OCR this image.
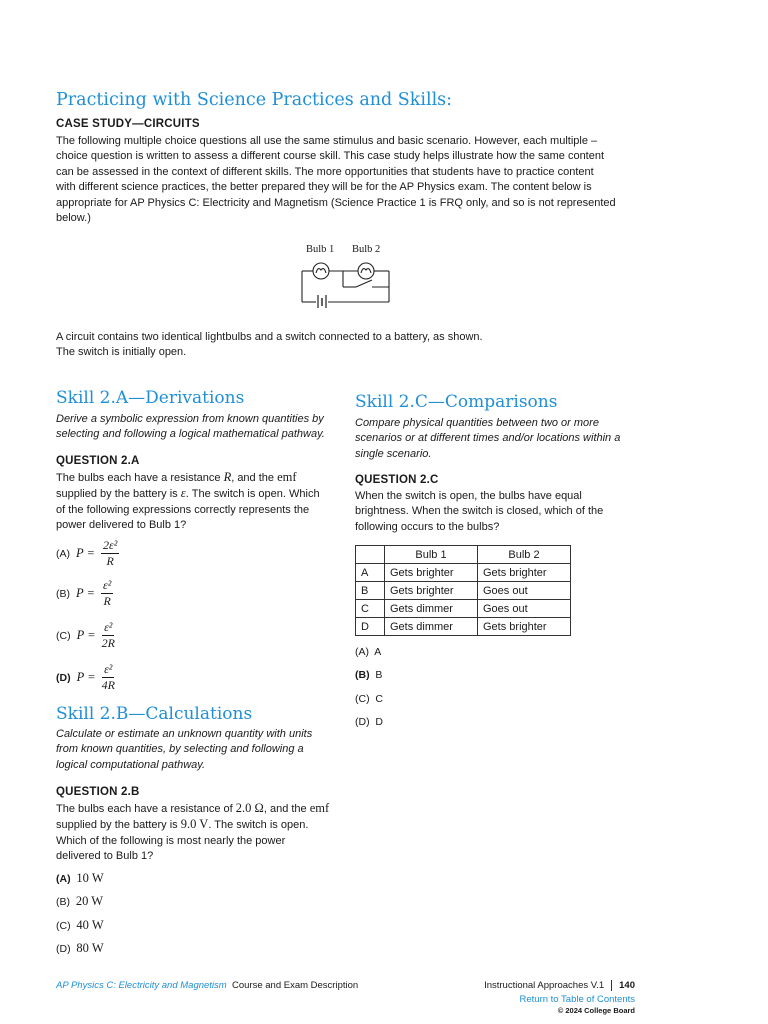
Practicing with Science Practices and Skills:
CASE STUDY—CIRCUITS
The following multiple choice questions all use the same stimulus and basic scenario. However, each multiple –
choice question is written to assess a different course skill. This case study helps illustrate how the same content
can be assessed in the context of different skills. The more opportunities that students have to practice content
with different science practices, the better prepared they will be for the AP Physics exam. The content below is
appropriate for AP Physics C: Electricity and Magnetism (Science Practice 1 is FRQ only, and so is not represented
below.)
Bulb 1 Bulb 2
A circuit contains two identical lightbulbs and a switch connected to a battery, as shown.
The switch is initially open.
Skill 2.A—Derivations
Derive a symbolic expression from known quantities by
selecting and following a logical mathematical pathway.
QUESTION 2.A
The bulbs each have a resistance R, and the emf
supplied by the battery is ε. The switch is open. Which
of the following expressions correctly represents the
power delivered to Bulb 1?
(A) $P = \frac{\text{2ε²}}{R}$
(B) $P = \frac{\text{ε²}}{R}$
(C) $P = \frac{\text{ε²}}{2R}$
(D) $P = \frac{\text{ε²}}{4R}$
Skill 2.B—Calculations
Calculate or estimate an unknown quantity with units
from known quantities, by selecting and following a
logical computational pathway.
QUESTION 2.B
The bulbs each have a resistance of 2.0 Ω, and the emf
supplied by the battery is 9.0 V. The switch is open.
Which of the following is most nearly the power
delivered to Bulb 1?
(A) 10 W
(B) 20 W
(C) 40 W
(D) 80 W
Skill 2.C—Comparisons
Compare physical quantities between two or more
scenarios or at different times and/or locations within a
single scenario.
QUESTION 2.C
When the switch is open, the bulbs have equal
brightness. When the switch is closed, which of the
following occurs to the bulbs?
	Bulb 1	Bulb 2
A	Gets brighter	Gets brighter
B	Gets brighter	Goes out
C	Gets dimmer	Goes out
D	Gets dimmer	Gets brighter
(A) A
(B) B
(C) C
(D) D
AP Physics C: Electricity and Magnetism Course and Exam Description	Instructional Approaches V.1 140
Return to Table of Contents
© 2024 College Board
